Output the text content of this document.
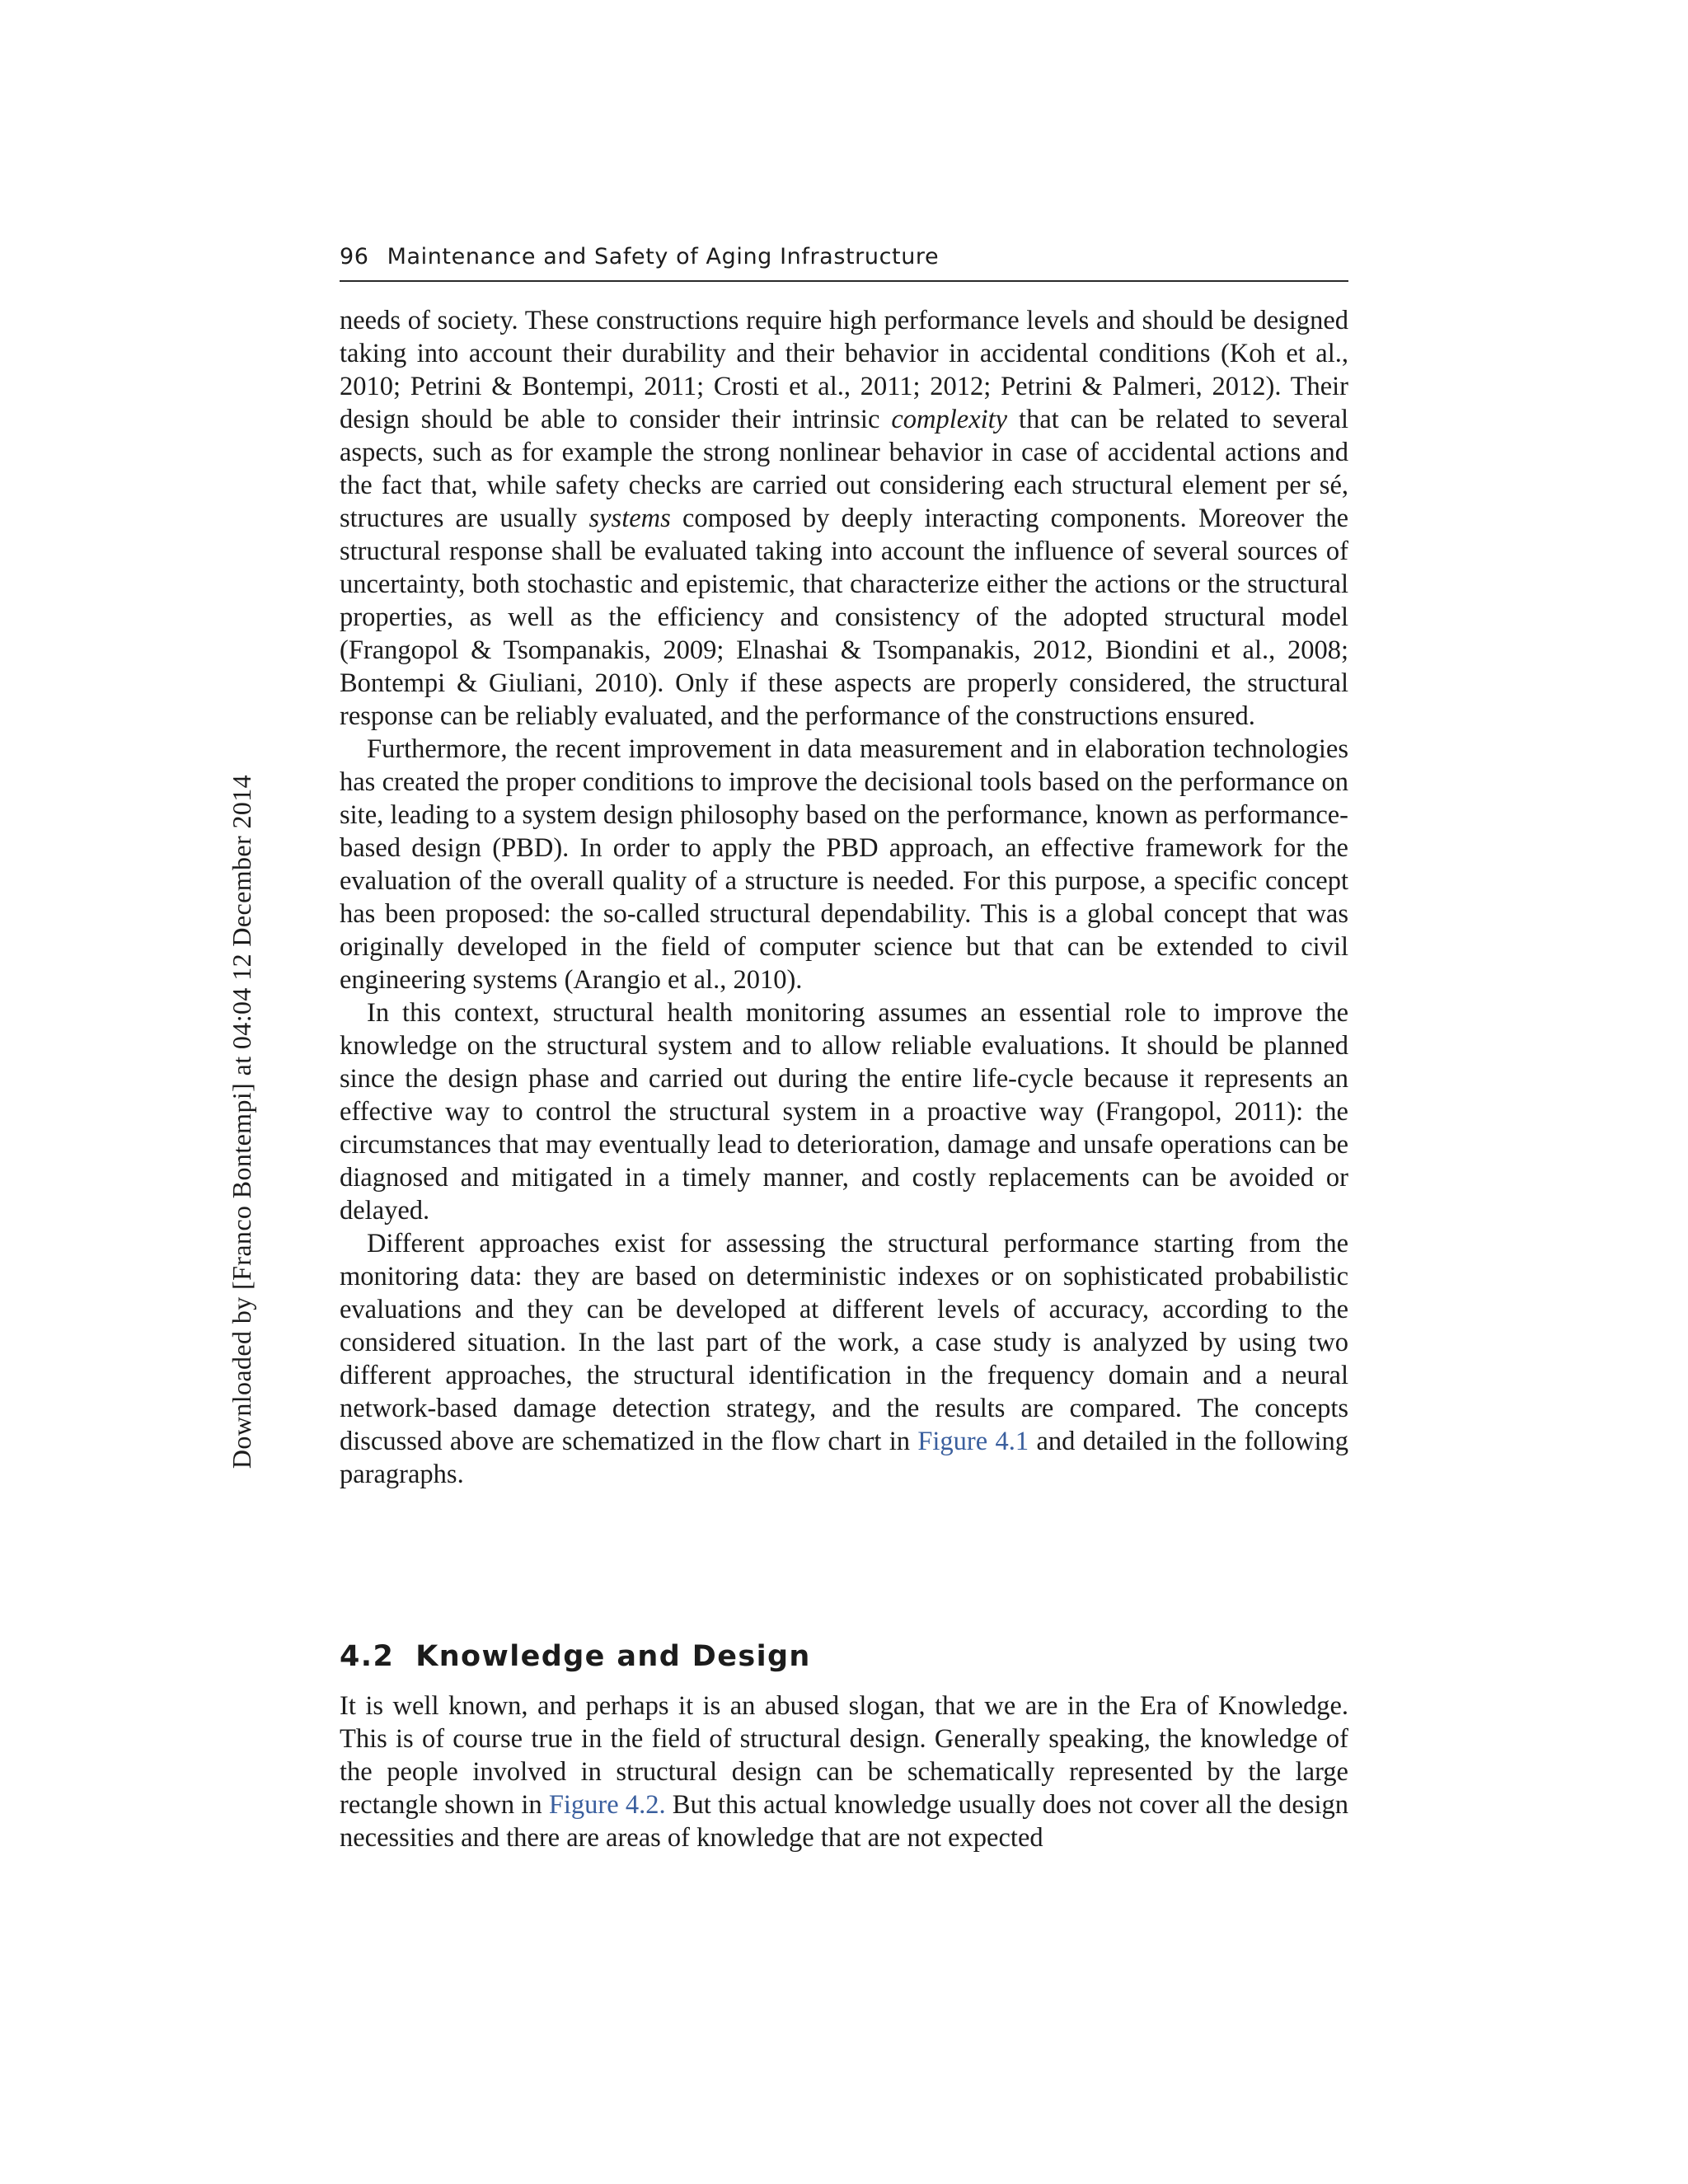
96 Maintenance and Safety of Aging Infrastructure
Downloaded by [Franco Bontempi] at 04:04 12 December 2014

needs of society. These constructions require high performance levels and should be designed taking into account their durability and their behavior in accidental conditions (Koh et al., 2010; Petrini & Bontempi, 2011; Crosti et al., 2011; 2012; Petrini & Palmeri, 2012). Their design should be able to consider their intrinsic complexity that can be related to several aspects, such as for example the strong nonlinear behavior in case of accidental actions and the fact that, while safety checks are carried out considering each structural element per sé, structures are usually systems composed by deeply interacting components. Moreover the structural response shall be evaluated taking into account the influence of several sources of uncertainty, both stochastic and epistemic, that characterize either the actions or the structural properties, as well as the efficiency and consistency of the adopted structural model (Frangopol & Tsompanakis, 2009; Elnashai & Tsompanakis, 2012, Biondini et al., 2008; Bontempi & Giuliani, 2010). Only if these aspects are properly considered, the structural response can be reliably evaluated, and the performance of the constructions ensured.

Furthermore, the recent improvement in data measurement and in elaboration technologies has created the proper conditions to improve the decisional tools based on the performance on site, leading to a system design philosophy based on the performance, known as performance-based design (PBD). In order to apply the PBD approach, an effective framework for the evaluation of the overall quality of a structure is needed. For this purpose, a specific concept has been proposed: the so-called structural dependability. This is a global concept that was originally developed in the field of computer science but that can be extended to civil engineering systems (Arangio et al., 2010).

In this context, structural health monitoring assumes an essential role to improve the knowledge on the structural system and to allow reliable evaluations. It should be planned since the design phase and carried out during the entire life-cycle because it represents an effective way to control the structural system in a proactive way (Frangopol, 2011): the circumstances that may eventually lead to deterioration, damage and unsafe operations can be diagnosed and mitigated in a timely manner, and costly replacements can be avoided or delayed.

Different approaches exist for assessing the structural performance starting from the monitoring data: they are based on deterministic indexes or on sophisticated probabilistic evaluations and they can be developed at different levels of accuracy, according to the considered situation. In the last part of the work, a case study is analyzed by using two different approaches, the structural identification in the frequency domain and a neural network-based damage detection strategy, and the results are compared. The concepts discussed above are schematized in the flow chart in Figure 4.1 and detailed in the following paragraphs.

4.2 Knowledge and Design

It is well known, and perhaps it is an abused slogan, that we are in the Era of Knowledge. This is of course true in the field of structural design. Generally speaking, the knowledge of the people involved in structural design can be schematically represented by the large rectangle shown in Figure 4.2. But this actual knowledge usually does not cover all the design necessities and there are areas of knowledge that are not expected
